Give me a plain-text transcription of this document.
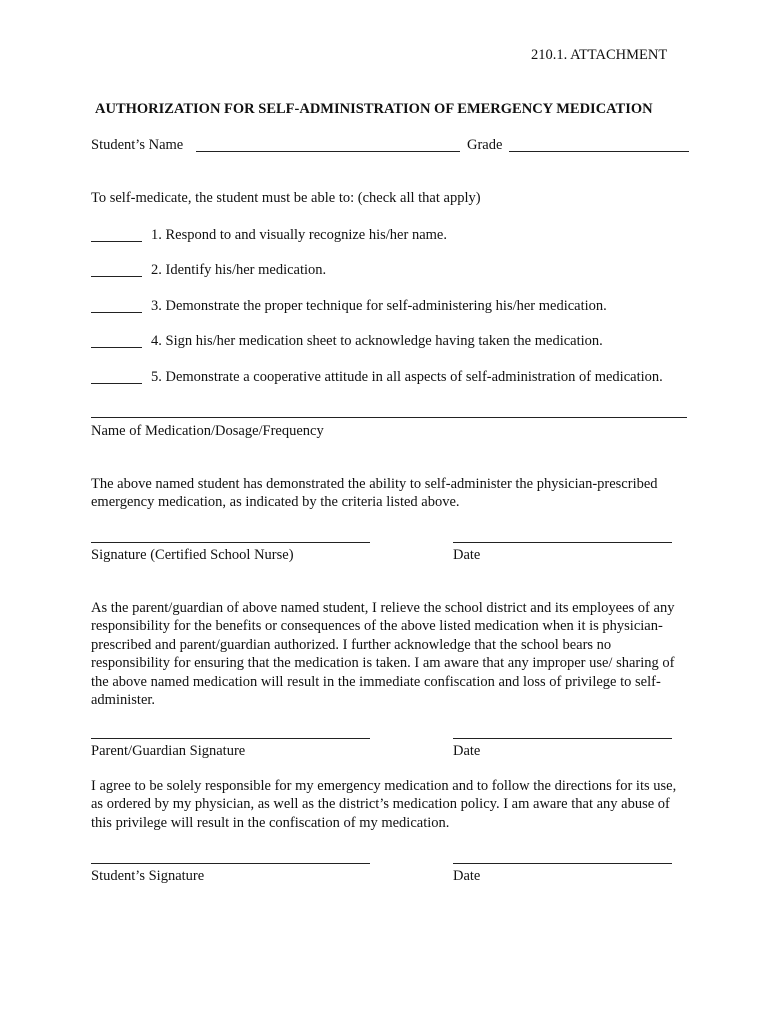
210.1. ATTACHMENT
AUTHORIZATION FOR SELF-ADMINISTRATION OF EMERGENCY MEDICATION
Student’s Name	Grade
To self-medicate, the student must be able to: (check all that apply)
1. Respond to and visually recognize his/her name.
2. Identify his/her medication.
3. Demonstrate the proper technique for self-administering his/her medication.
4. Sign his/her medication sheet to acknowledge having taken the medication.
5. Demonstrate a cooperative attitude in all aspects of self-administration of medication.
Name of Medication/Dosage/Frequency
The above named student has demonstrated the ability to self-administer the physician-prescribed emergency medication, as indicated by the criteria listed above.
Signature (Certified School Nurse)	Date
As the parent/guardian of above named student, I relieve the school district and its employees of any responsibility for the benefits or consequences of the above listed medication when it is physician-prescribed and parent/guardian authorized. I further acknowledge that the school bears no responsibility for ensuring that the medication is taken. I am aware that any improper use/ sharing of the above named medication will result in the immediate confiscation and loss of privilege to self-administer.
Parent/Guardian Signature	Date
I agree to be solely responsible for my emergency medication and to follow the directions for its use, as ordered by my physician, as well as the district’s medication policy. I am aware that any abuse of this privilege will result in the confiscation of my medication.
Student’s Signature	Date
